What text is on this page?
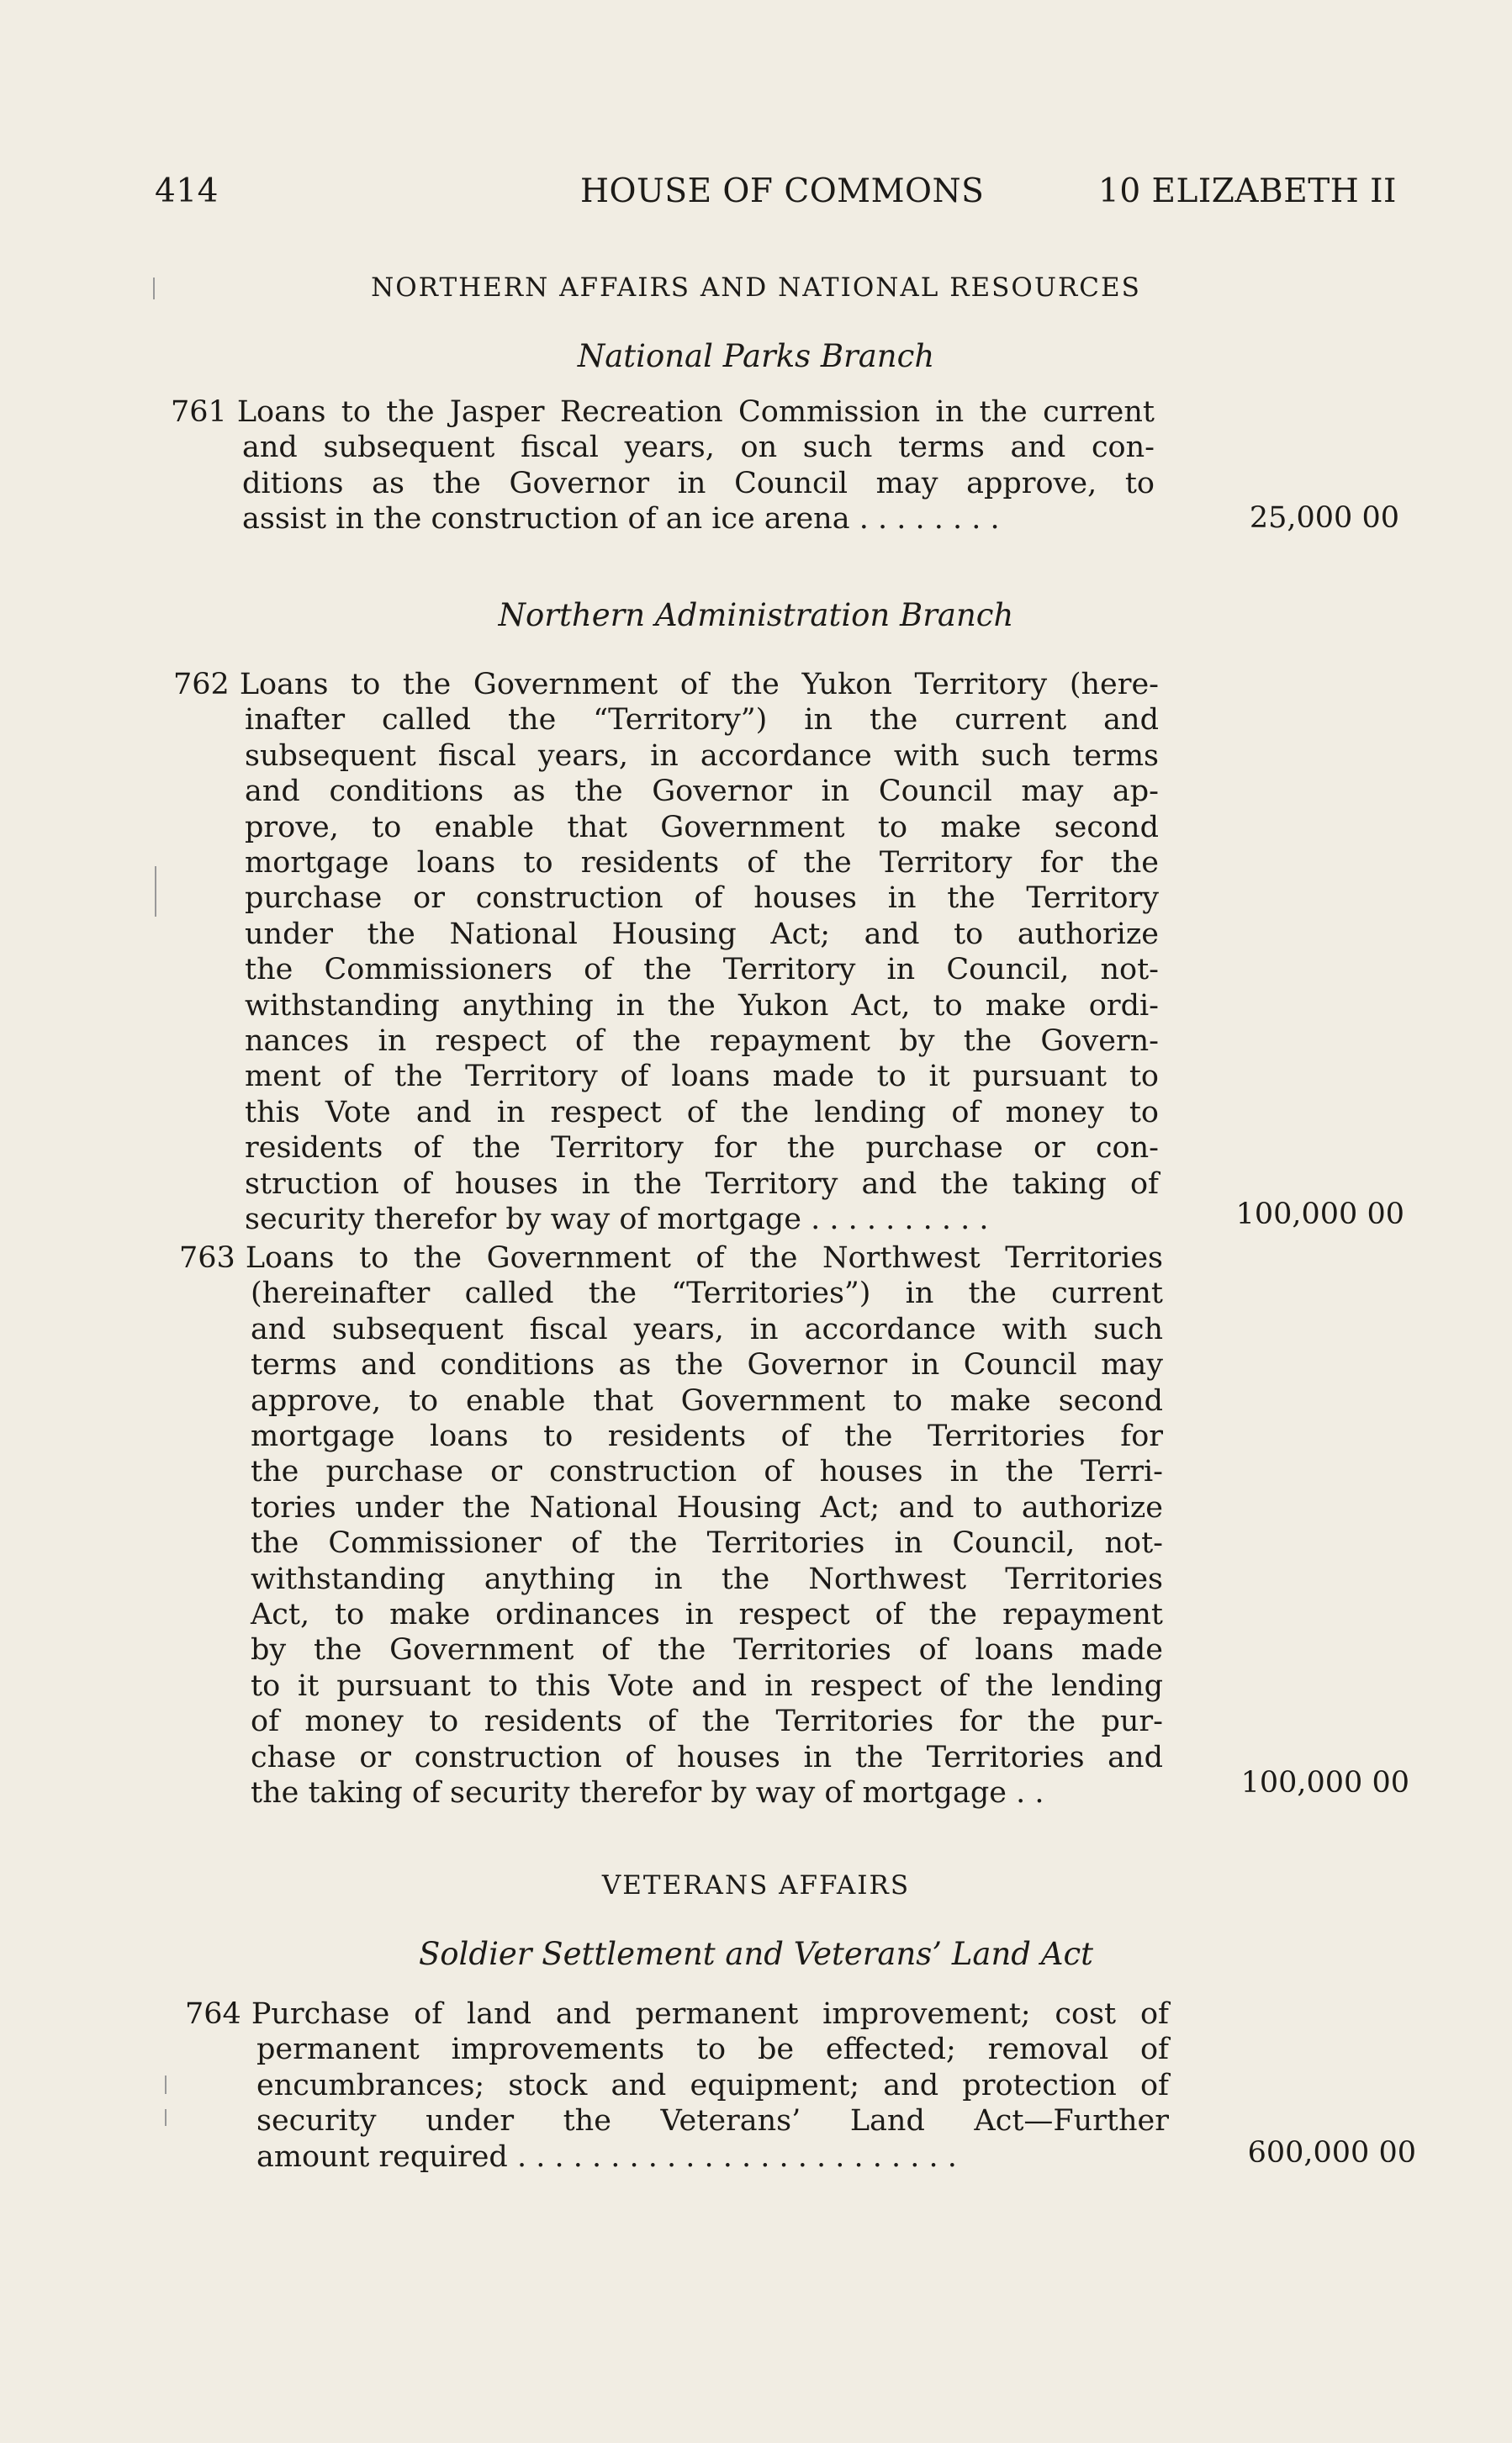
414	HOUSE OF COMMONS	10 ELIZABETH II
NORTHERN AFFAIRS AND NATIONAL RESOURCES
National Parks Branch
761 Loans to the Jasper Recreation Commission in the current
and subsequent fiscal years, on such terms and con-
ditions as the Governor in Council may approve, to
assist in the construction of an ice arena . . . . . . . .	25,000 00
Northern Administration Branch
762 Loans to the Government of the Yukon Territory (here-
inafter called the “Territory”) in the current and
subsequent fiscal years, in accordance with such terms
and conditions as the Governor in Council may ap-
prove, to enable that Government to make second
mortgage loans to residents of the Territory for the
purchase or construction of houses in the Territory
under the National Housing Act; and to authorize
the Commissioners of the Territory in Council, not-
withstanding anything in the Yukon Act, to make ordi-
nances in respect of the repayment by the Govern-
ment of the Territory of loans made to it pursuant to
this Vote and in respect of the lending of money to
residents of the Territory for the purchase or con-
struction of houses in the Territory and the taking of
security therefor by way of mortgage . . . . . . . . . .	100,000 00
763 Loans to the Government of the Northwest Territories
(hereinafter called the “Territories”) in the current
and subsequent fiscal years, in accordance with such
terms and conditions as the Governor in Council may
approve, to enable that Government to make second
mortgage loans to residents of the Territories for
the purchase or construction of houses in the Terri-
tories under the National Housing Act; and to authorize
the Commissioner of the Territories in Council, not-
withstanding anything in the Northwest Territories
Act, to make ordinances in respect of the repayment
by the Government of the Territories of loans made
to it pursuant to this Vote and in respect of the lending
of money to residents of the Territories for the pur-
chase or construction of houses in the Territories and
the taking of security therefor by way of mortgage . .	100,000 00
VETERANS AFFAIRS
Soldier Settlement and Veterans’ Land Act
764 Purchase of land and permanent improvement; cost of
permanent improvements to be effected; removal of
encumbrances; stock and equipment; and protection of
security under the Veterans’ Land Act—Further
amount required . . . . . . . . . . . . . . . . . . . . . . . .	600,000 00
